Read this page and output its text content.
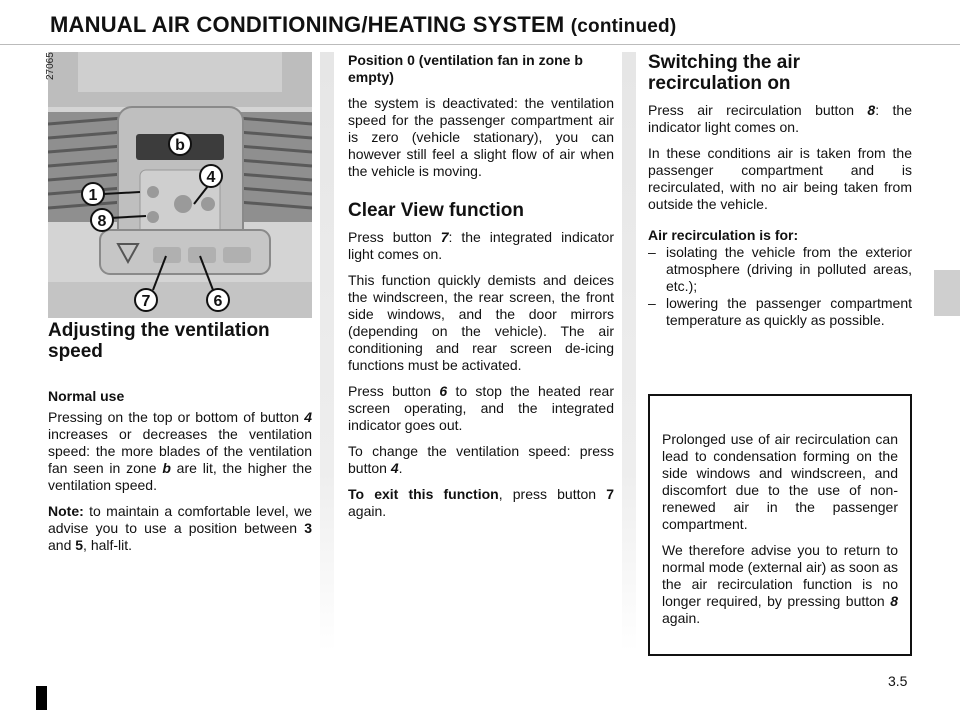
MANUAL AIR CONDITIONING/HEATING SYSTEM (continued)
b
4
1
8
7	6
27065
Adjusting the ventilation speed
Normal use

Pressing on the top or bottom of button 4 increases or decreases the ventilation speed: the more blades of the ventilation fan seen in zone b are lit, the higher the ventilation speed.

Note: to maintain a comfortable level, we advise you to use a position between 3 and 5, half-lit.

Position 0 (ventilation fan in zone b empty)

the system is deactivated: the ventilation speed for the passenger compartment air is zero (vehicle stationary), you can however still feel a slight flow of air when the vehicle is moving.

Clear View function

Press button 7: the integrated indicator light comes on.

This function quickly demists and deices the windscreen, the rear screen, the front side windows, and the door mirrors (depending on the vehicle). The air conditioning and rear screen de-icing functions must be activated.

Press button 6 to stop the heated rear screen operating, and the integrated indicator goes out.

To change the ventilation speed: press button 4.

To exit this function, press button 7 again.

Switching the air recirculation on

Press air recirculation button 8: the indicator light comes on.

In these conditions air is taken from the passenger compartment and is recirculated, with no air being taken from outside the vehicle.

Air recirculation is for:
– isolating the vehicle from the exterior atmosphere (driving in polluted areas, etc.);
– lowering the passenger compartment temperature as quickly as possible.

Prolonged use of air recirculation can lead to condensation forming on the side windows and windscreen, and discomfort due to the use of non-renewed air in the passenger compartment.

We therefore advise you to return to normal mode (external air) as soon as the air recirculation function is no longer required, by pressing button 8 again.

3.5
